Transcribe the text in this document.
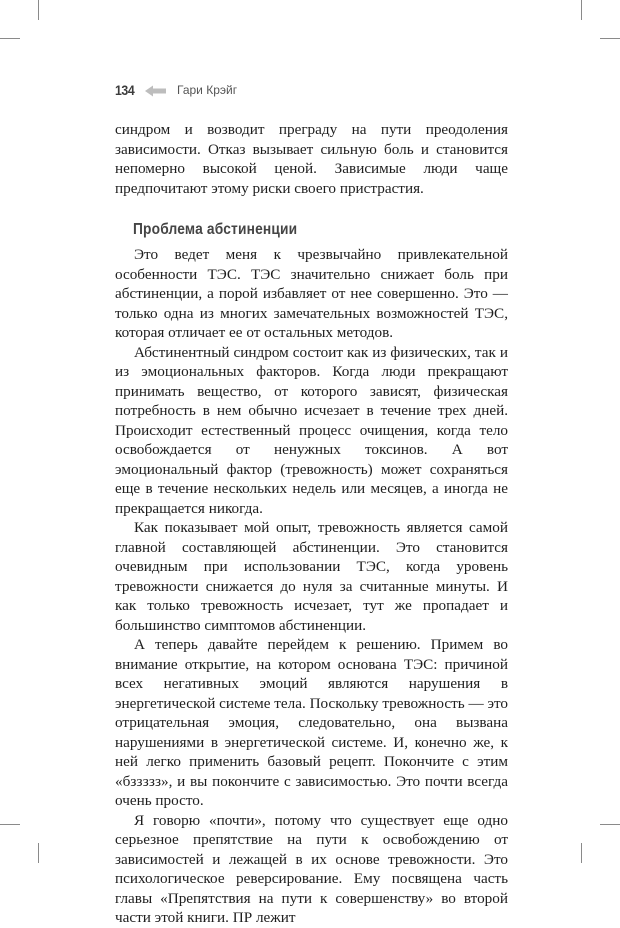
134	Гари Крэйг

синдром и возводит преграду на пути преодоления зависимости. Отказ вызывает сильную боль и становится непомерно высокой ценой. Зависимые люди чаще предпочитают этому риски своего пристрастия.

Проблема абстиненции

Это ведет меня к чрезвычайно привлекательной особенности ТЭС. ТЭС значительно снижает боль при абстиненции, а порой избавляет от нее совершенно. Это — только одна из многих замечательных возможностей ТЭС, которая отличает ее от остальных методов.

Абстинентный синдром состоит как из физических, так и из эмоциональных факторов. Когда люди прекращают принимать вещество, от которого зависят, физическая потребность в нем обычно исчезает в течение трех дней. Происходит естественный процесс очищения, когда тело освобождается от ненужных токсинов. А вот эмоциональный фактор (тревожность) может сохраняться еще в течение нескольких недель или месяцев, а иногда не прекращается никогда.

Как показывает мой опыт, тревожность является самой главной составляющей абстиненции. Это становится очевидным при использовании ТЭС, когда уровень тревожности снижается до нуля за считанные минуты. И как только тревожность исчезает, тут же пропадает и большинство симптомов абстиненции.

А теперь давайте перейдем к решению. Примем во внимание открытие, на котором основана ТЭС: причиной всех негативных эмоций являются нарушения в энергетической системе тела. Поскольку тревожность — это отрицательная эмоция, следовательно, она вызвана нарушениями в энергетической системе. И, конечно же, к ней легко применить базовый рецепт. Покончите с этим «бззззз», и вы покончите с зависимостью. Это почти всегда очень просто.

Я говорю «почти», потому что существует еще одно серьезное препятствие на пути к освобождению от зависимостей и лежащей в их основе тревожности. Это психологическое реверсирование. Ему посвящена часть главы «Препятствия на пути к совершенству» во второй части этой книги. ПР лежит
